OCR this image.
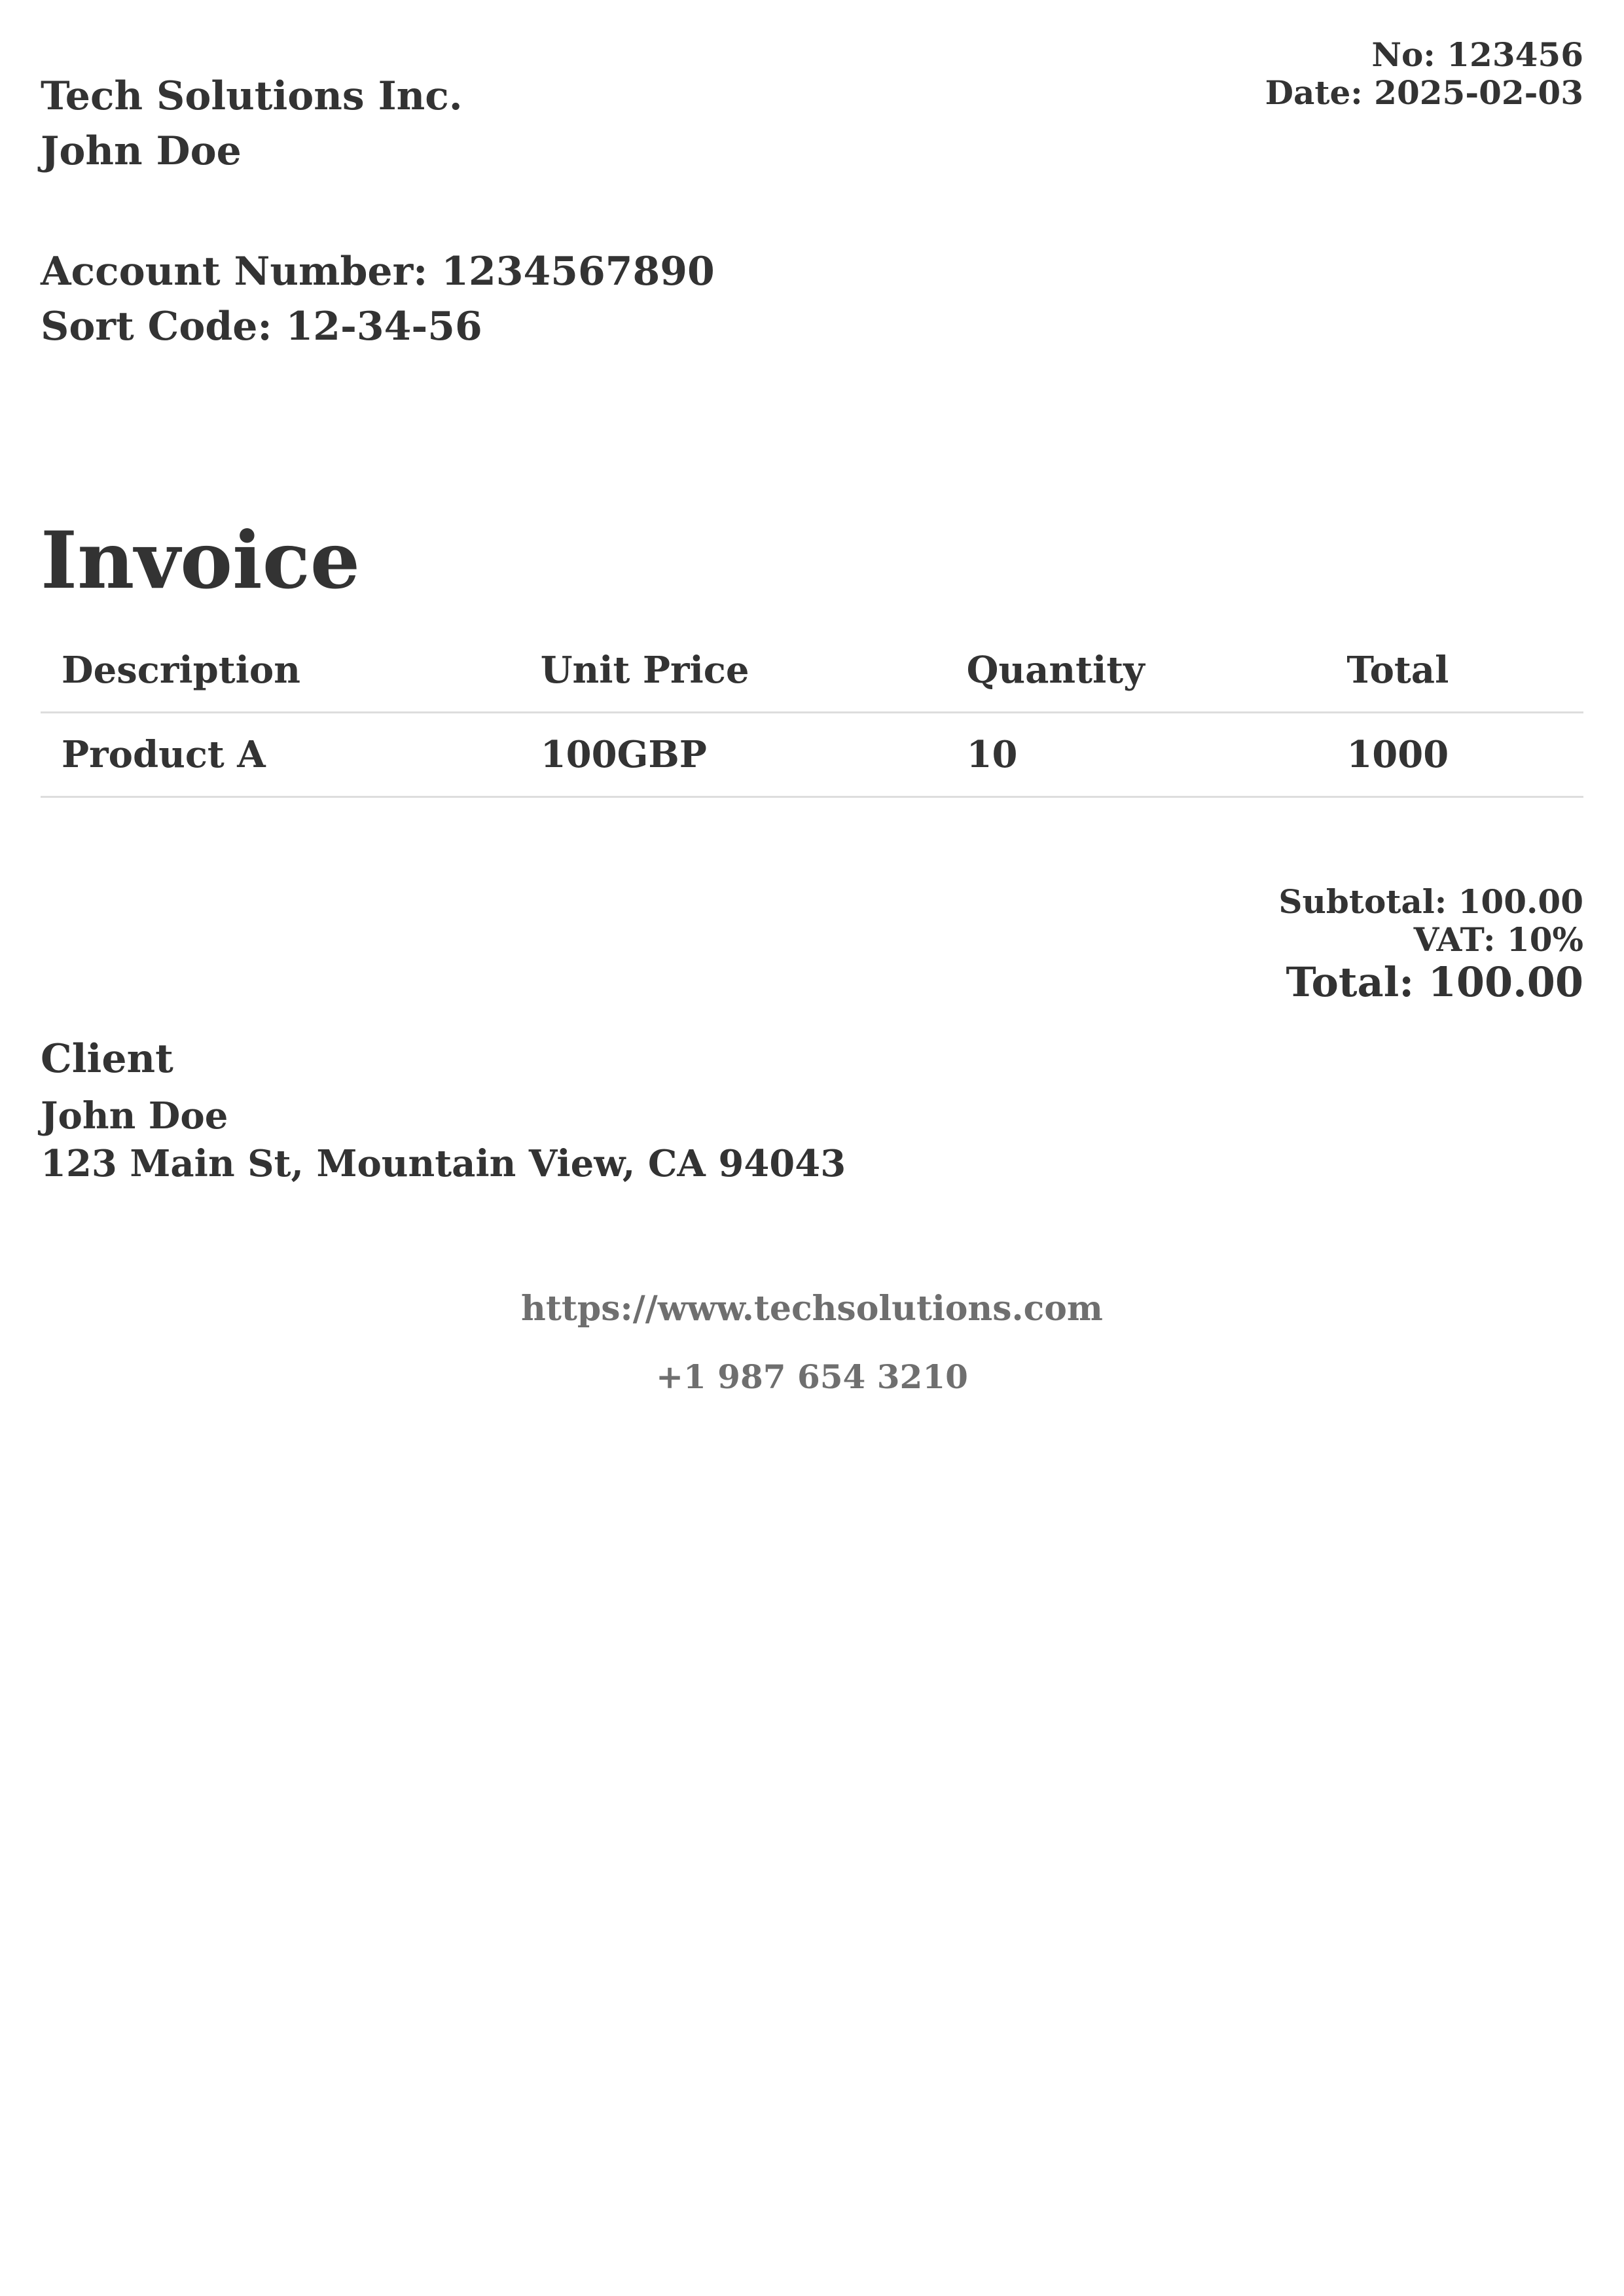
No: 123456
Date: 2025-02-03
Tech Solutions Inc.
John Doe
Account Number: 1234567890
Sort Code: 12-34-56
Invoice
Description	Unit Price	Quantity	Total
Product A	100GBP	10	1000
Subtotal: 100.00
VAT: 10%
Total: 100.00
Client
John Doe
123 Main St, Mountain View, CA 94043

https://www.techsolutions.com

+1 987 654 3210
